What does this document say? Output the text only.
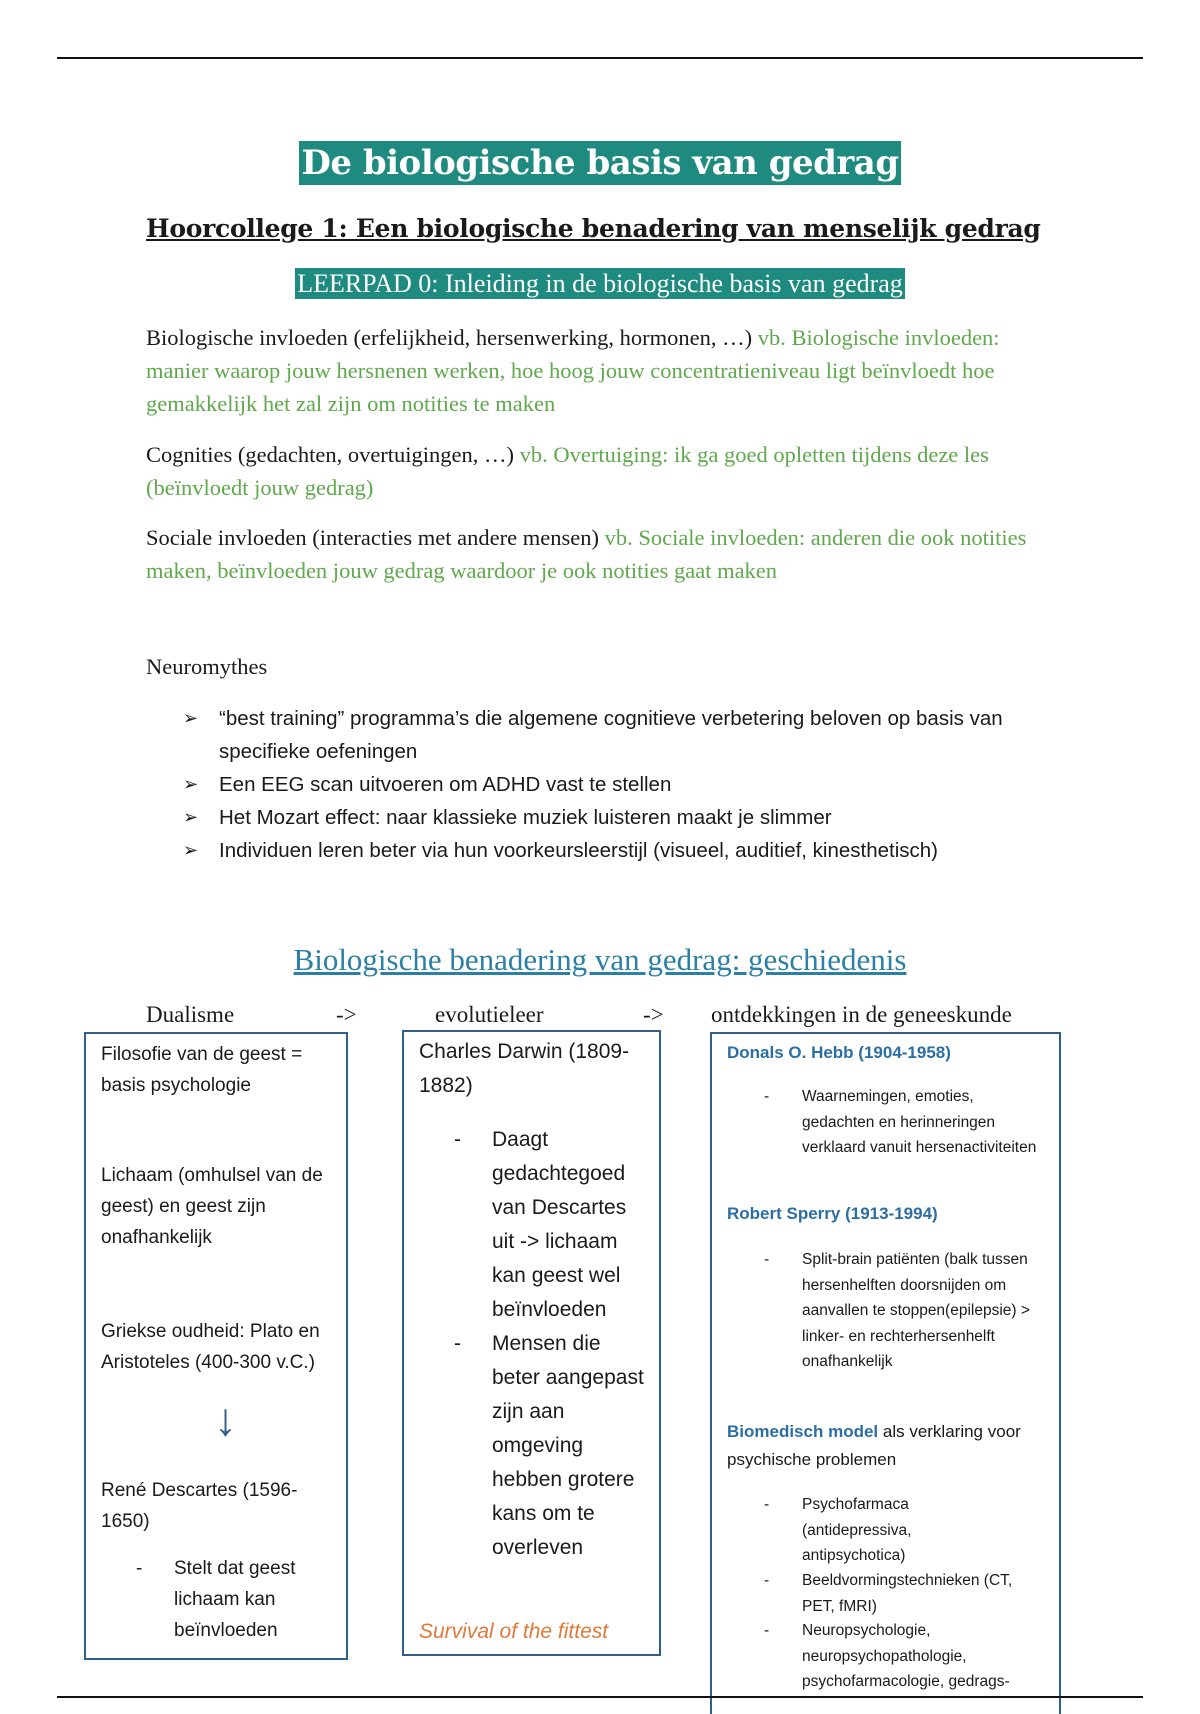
De biologische basis van gedrag
Hoorcollege 1: Een biologische benadering van menselijk gedrag
LEERPAD 0: Inleiding in de biologische basis van gedrag
Biologische invloeden (erfelijkheid, hersenwerking, hormonen, …) vb. Biologische invloeden: manier waarop jouw hersnenen werken, hoe hoog jouw concentratieniveau ligt beïnvloedt hoe gemakkelijk het zal zijn om notities te maken
Cognities (gedachten, overtuigingen, …) vb. Overtuiging: ik ga goed opletten tijdens deze les (beïnvloedt jouw gedrag)
Sociale invloeden (interacties met andere mensen) vb. Sociale invloeden: anderen die ook notities maken, beïnvloeden jouw gedrag waardoor je ook notities gaat maken
Neuromythes
➢ “best training” programma’s die algemene cognitieve verbetering beloven op basis van specifieke oefeningen
➢ Een EEG scan uitvoeren om ADHD vast te stellen
➢ Het Mozart effect: naar klassieke muziek luisteren maakt je slimmer
➢ Individuen leren beter via hun voorkeursleerstijl (visueel, auditief, kinesthetisch)
Biologische benadering van gedrag: geschiedenis
Dualisme	->	evolutieleer	-> ontdekkingen in de geneeskunde
Filosofie van de geest = basis psychologie
Lichaam (omhulsel van de geest) en geest zijn onafhankelijk
Griekse oudheid: Plato en Aristoteles (400-300 v.C.)
↓
René Descartes (1596-1650)
- Stelt dat geest lichaam kan beïnvloeden
Charles Darwin (1809-1882)
- Daagt gedachtegoed van Descartes uit -> lichaam kan geest wel beïnvloeden
- Mensen die beter aangepast zijn aan omgeving hebben grotere kans om te overleven
Survival of the fittest
Donals O. Hebb (1904-1958)
- Waarnemingen, emoties, gedachten en herinneringen verklaard vanuit hersenactiviteiten
Robert Sperry (1913-1994)
- Split-brain patiënten (balk tussen hersenhelften doorsnijden om aanvallen te stoppen(epilepsie) > linker- en rechterhersenhelft onafhankelijk
Biomedisch model als verklaring voor psychische problemen
- Psychofarmaca (antidepressiva, antipsychotica)
- Beeldvormingstechnieken (CT, PET, fMRI)
- Neuropsychologie, neuropsychopathologie, psychofarmacologie, gedrags-
